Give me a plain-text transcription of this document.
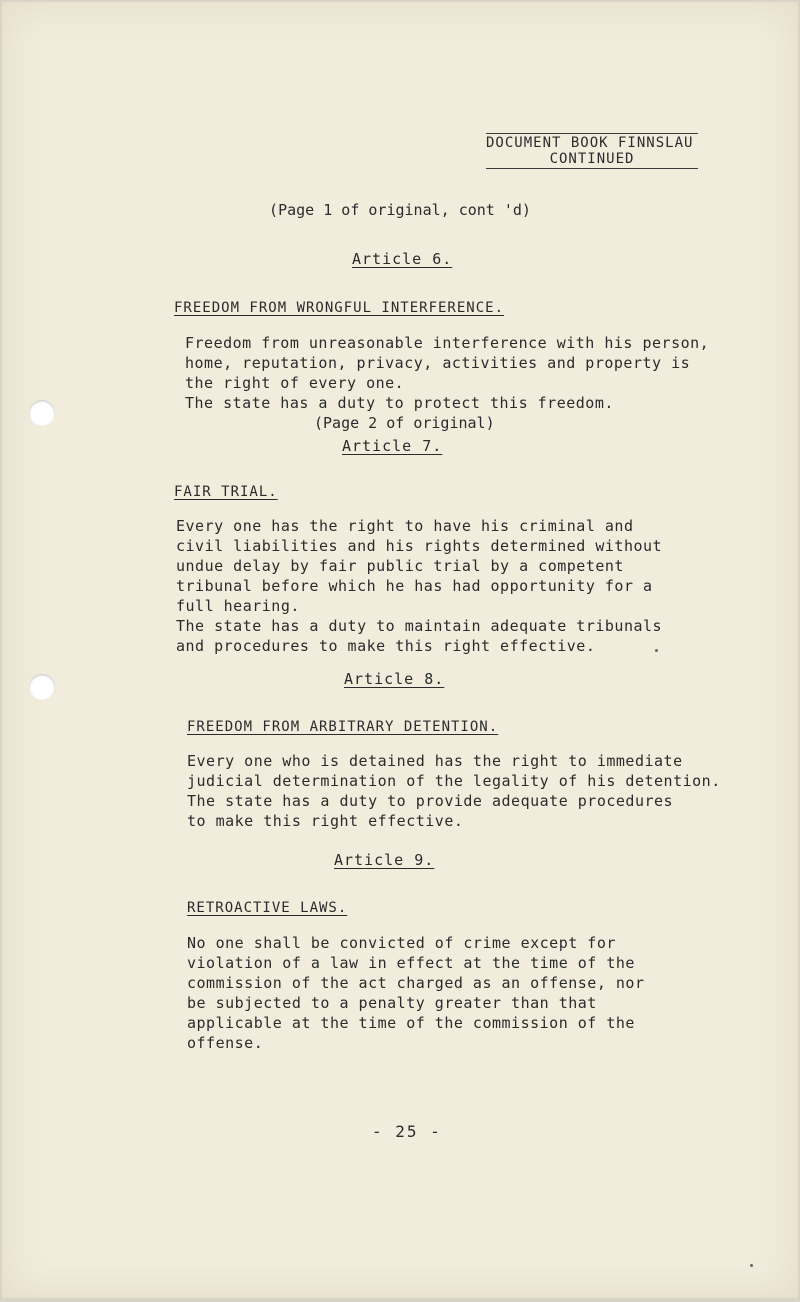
DOCUMENT BOOK FINNSLAU
CONTINUED
(Page 1 of original, cont 'd)
Article 6.
FREEDOM FROM WRONGFUL INTERFERENCE.
Freedom from unreasonable interference with his person,
home, reputation, privacy, activities and property is
the right of every one.
The state has a duty to protect this freedom.
(Page 2 of original)
Article 7.
FAIR TRIAL.
Every one has the right to have his criminal and
civil liabilities and his rights determined without
undue delay by fair public trial by a competent
tribunal before which he has had opportunity for a
full hearing.
The state has a duty to maintain adequate tribunals
and procedures to make this right effective.
Article 8.
FREEDOM FROM ARBITRARY DETENTION.
Every one who is detained has the right to immediate
judicial determination of the legality of his detention.
The state has a duty to provide adequate procedures
to make this right effective.
Article 9.
RETROACTIVE LAWS.
No one shall be convicted of crime except for
violation of a law in effect at the time of the
commission of the act charged as an offense, nor
be subjected to a penalty greater than that
applicable at the time of the commission of the
offense.
- 25 -
